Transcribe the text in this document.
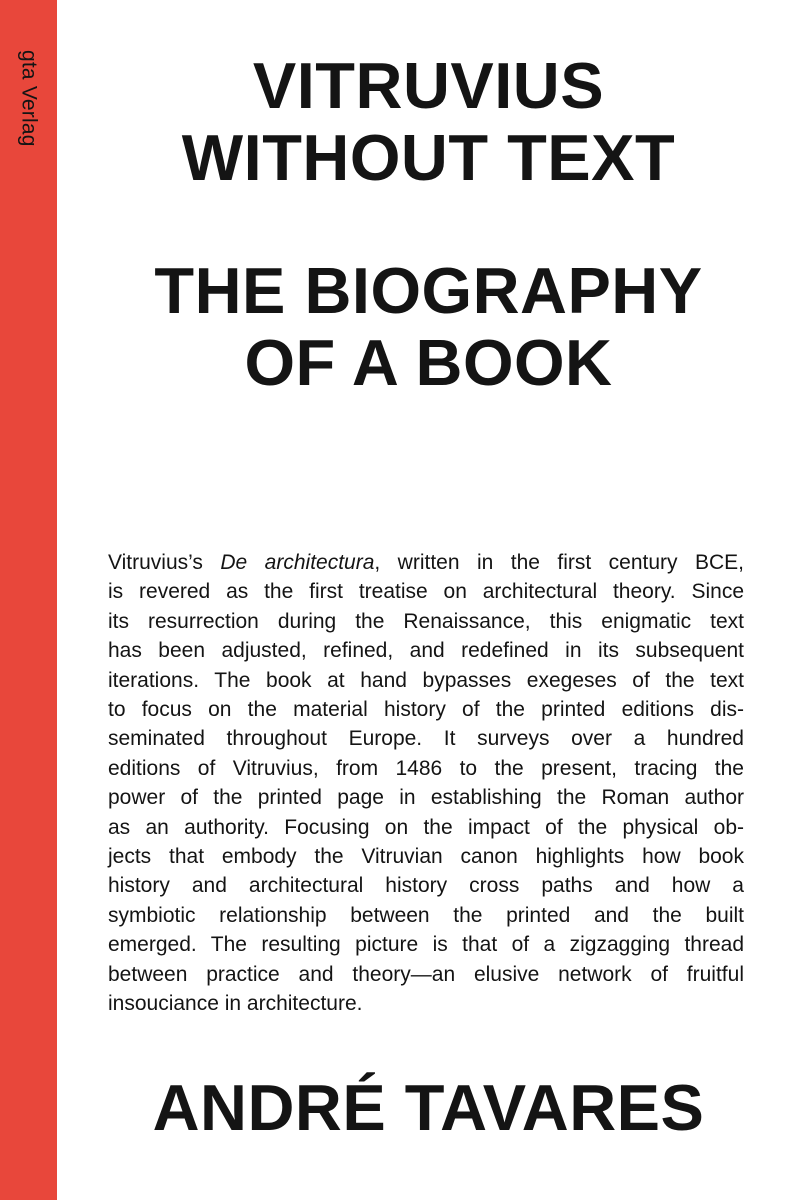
gta Verlag	VITRUVIUS
WITHOUT TEXT
THE BIOGRAPHY
OF A BOOK
Vitruvius’s De architectura, written in the first century BCE,
is revered as the first treatise on architectural theory. Since
its resurrection during the Renaissance, this enigmatic text
has been adjusted, refined, and redefined in its subsequent
iterations. The book at hand bypasses exegeses of the text
to focus on the material history of the printed editions dis-
seminated throughout Europe. It surveys over a hundred
editions of Vitruvius, from 1486 to the present, tracing the
power of the printed page in establishing the Roman author
as an authority. Focusing on the impact of the physical ob-
jects that embody the Vitruvian canon highlights how book
history and architectural history cross paths and how a
symbiotic relationship between the printed and the built
emerged. The resulting picture is that of a zigzagging thread
between practice and theory—an elusive network of fruitful
insouciance in architecture.
ANDRÉ TAVARES
